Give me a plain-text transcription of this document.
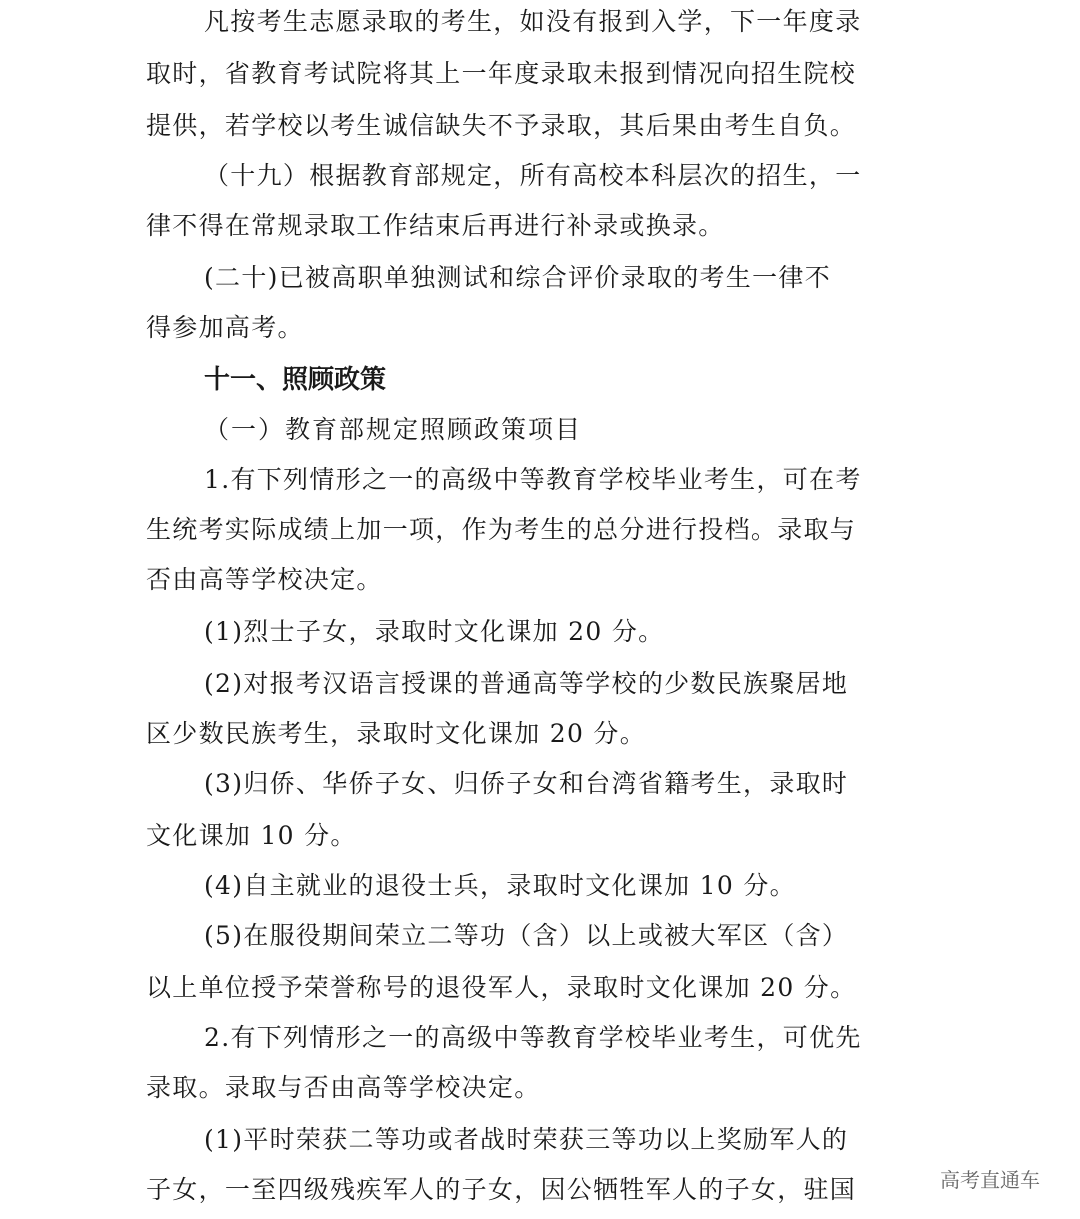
凡按考生志愿录取的考生，如没有报到入学，下一年度录
取时，省教育考试院将其上一年度录取未报到情况向招生院校
提供，若学校以考生诚信缺失不予录取，其后果由考生自负。
（十九）根据教育部规定，所有高校本科层次的招生，一
律不得在常规录取工作结束后再进行补录或换录。
(二十)已被高职单独测试和综合评价录取的考生一律不
得参加高考。
十一、照顾政策
（一）教育部规定照顾政策项目
1.有下列情形之一的高级中等教育学校毕业考生，可在考
生统考实际成绩上加一项，作为考生的总分进行投档。录取与
否由高等学校决定。
(1)烈士子女，录取时文化课加 20 分。
(2)对报考汉语言授课的普通高等学校的少数民族聚居地
区少数民族考生，录取时文化课加 20 分。
(3)归侨、华侨子女、归侨子女和台湾省籍考生，录取时
文化课加 10 分。
(4)自主就业的退役士兵，录取时文化课加 10 分。
(5)在服役期间荣立二等功（含）以上或被大军区（含）
以上单位授予荣誉称号的退役军人，录取时文化课加 20 分。
2.有下列情形之一的高级中等教育学校毕业考生，可优先
录取。录取与否由高等学校决定。
(1)平时荣获二等功或者战时荣获三等功以上奖励军人的
子女，一至四级残疾军人的子女，因公牺牲军人的子女，驻国	高考直通车
